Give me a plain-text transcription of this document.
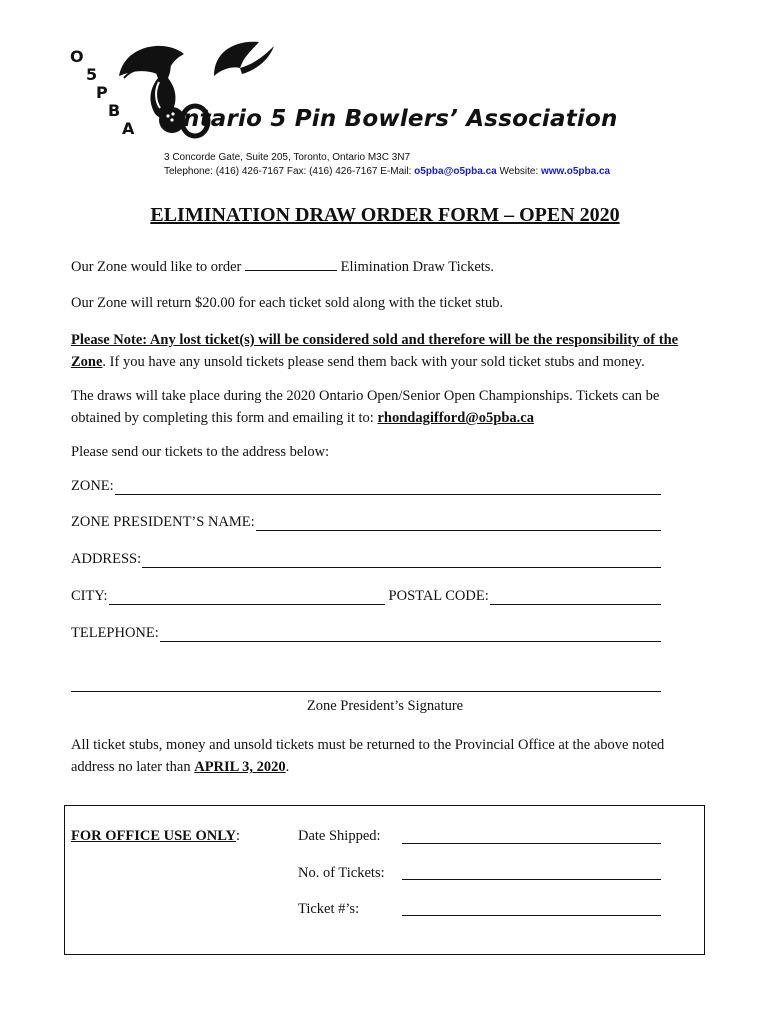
O
5
P
B
A ntario 5 Pin Bowlers’ Association
3 Concorde Gate, Suite 205, Toronto, Ontario M3C 3N7
Telephone: (416) 426-7167 Fax: (416) 426-7167 E-Mail: o5pba@o5pba.ca Website: www.o5pba.ca
ELIMINATION DRAW ORDER FORM – OPEN 2020
Our Zone would like to order	Elimination Draw Tickets.
Our Zone will return $20.00 for each ticket sold along with the ticket stub.
Please Note: Any lost ticket(s) will be considered sold and therefore will be the responsibility of the Zone. If you have any unsold tickets please send them back with your sold ticket stubs and money.
The draws will take place during the 2020 Ontario Open/Senior Open Championships. Tickets can be obtained by completing this form and emailing it to: rhondagifford@o5pba.ca
Please send our tickets to the address below:
ZONE:
ZONE PRESIDENT’S NAME:
ADDRESS:
CITY:	POSTAL CODE:
TELEPHONE:
Zone President’s Signature
All ticket stubs, money and unsold tickets must be returned to the Provincial Office at the above noted address no later than APRIL 3, 2020.
FOR OFFICE USE ONLY:	Date Shipped:
No. of Tickets:
Ticket #’s:
